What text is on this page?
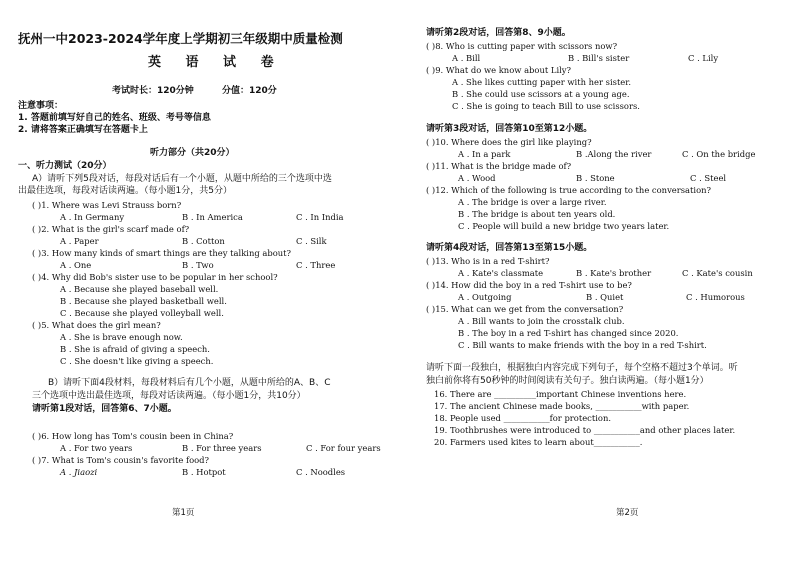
抚州一中2023-2024学年度上学期初三年级期中质量检测
英 语 试 卷
考试时长：120分钟	分值：120分
注意事项：
1. 答题前填写好自己的姓名、班级、考号等信息
2. 请将答案正确填写在答题卡上
听力部分（共20分）
一、听力测试（20分）
A）请听下列5段对话，每段对话后有一个小题，从题中所给的三个选项中选
出最佳选项，每段对话读两遍。（每小题1分，共5分）
( )1. Where was Levi Strauss born?
A . In Germany	B . In America	C . In India
( )2. What is the girl's scarf made of?
A . Paper	B . Cotton	C . Silk
( )3. How many kinds of smart things are they talking about?
A . One	B . Two	C . Three
( )4. Why did Bob's sister use to be popular in her school?
A . Because she played baseball well.
B . Because she played basketball well.
C . Because she played volleyball well.
( )5. What does the girl mean?
A . She is brave enough now.
B . She is afraid of giving a speech.
C . She doesn't like giving a speech.
B）请听下面4段材料，每段材料后有几个小题，从题中所给的A、B、C
三个选项中选出最佳选项，每段对话读两遍。（每小题1分，共10分）
请听第1段对话，回答第6、7小题。
( )6. How long has Tom's cousin been in China?
A . For two years	B . For three years	C . For four years
( )7. What is Tom's cousin's favorite food?
A . Jiaozi	B . Hotpot	C . Noodles
第1页
请听第2段对话，回答第8、9小题。
( )8. Who is cutting paper with scissors now?
A . Bill	B . Bill's sister	C . Lily
( )9. What do we know about Lily?
A . She likes cutting paper with her sister.
B . She could use scissors at a young age.
C . She is going to teach Bill to use scissors.
请听第3段对话，回答第10至第12小题。
( )10. Where does the girl like playing?
A . In a park	B .Along the river	C . On the bridge
( )11. What is the bridge made of?
A . Wood	B . Stone	C . Steel
( )12. Which of the following is true according to the conversation?
A . The bridge is over a large river.
B . The bridge is about ten years old.
C . People will build a new bridge two years later.
请听第4段对话，回答第13至第15小题。
( )13. Who is in a red T-shirt?
A . Kate's classmate	B . Kate's brother	C . Kate's cousin
( )14. How did the boy in a red T-shirt use to be?
A . Outgoing	B . Quiet	C . Humorous
( )15. What can we get from the conversation?
A . Bill wants to join the crosstalk club.
B . The boy in a red T-shirt has changed since 2020.
C . Bill wants to make friends with the boy in a red T-shirt.
请听下面一段独白，根据独白内容完成下列句子，每个空格不超过3个单词。听
独白前你将有50秒钟的时间阅读有关句子。独白读两遍。（每小题1分）
16. There are __________important Chinese inventions here.
17. The ancient Chinese made books, ___________with paper.
18. People used ___________for protection.
19. Toothbrushes were introduced to ___________and other places later.
20. Farmers used kites to learn about___________.
第2页
